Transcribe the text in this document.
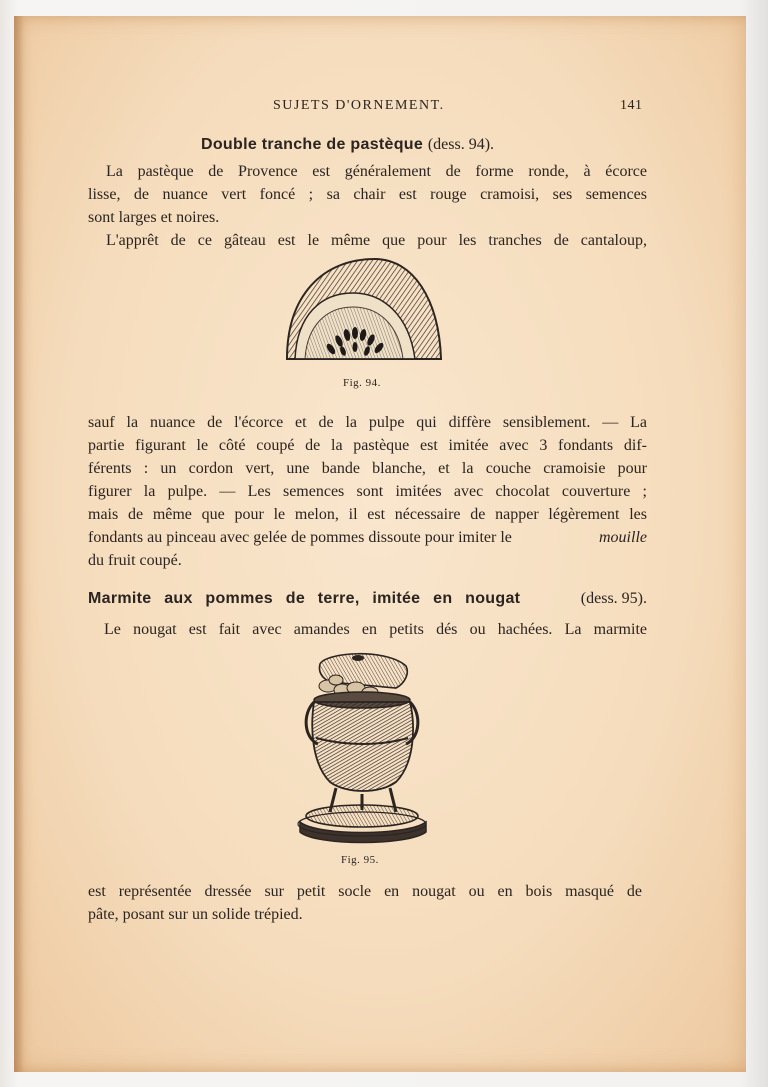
SUJETS D'ORNEMENT.	141
Double tranche de pastèque (dess. 94).
La pastèque de Provence est généralement de forme ronde, à écorce
lisse, de nuance vert foncé ; sa chair est rouge cramoisi, ses semences
sont larges et noires.
L'apprêt de ce gâteau est le même que pour les tranches de cantaloup,
Fig. 94.
sauf la nuance de l'écorce et de la pulpe qui diffère sensiblement. — La
partie figurant le côté coupé de la pastèque est imitée avec 3 fondants dif-
férents : un cordon vert, une bande blanche, et la couche cramoisie pour
figurer la pulpe. — Les semences sont imitées avec chocolat couverture ;
mais de même que pour le melon, il est nécessaire de napper légèrement les
fondants au pinceau avec gelée de pommes dissoute pour imiter le	mouille
du fruit coupé.
Marmite aux pommes de terre, imitée en nougat	(dess. 95).
Le nougat est fait avec amandes en petits dés ou hachées. La marmite
Fig. 95.
est représentée dressée sur petit socle en nougat ou en bois masqué de
pâte, posant sur un solide trépied.
